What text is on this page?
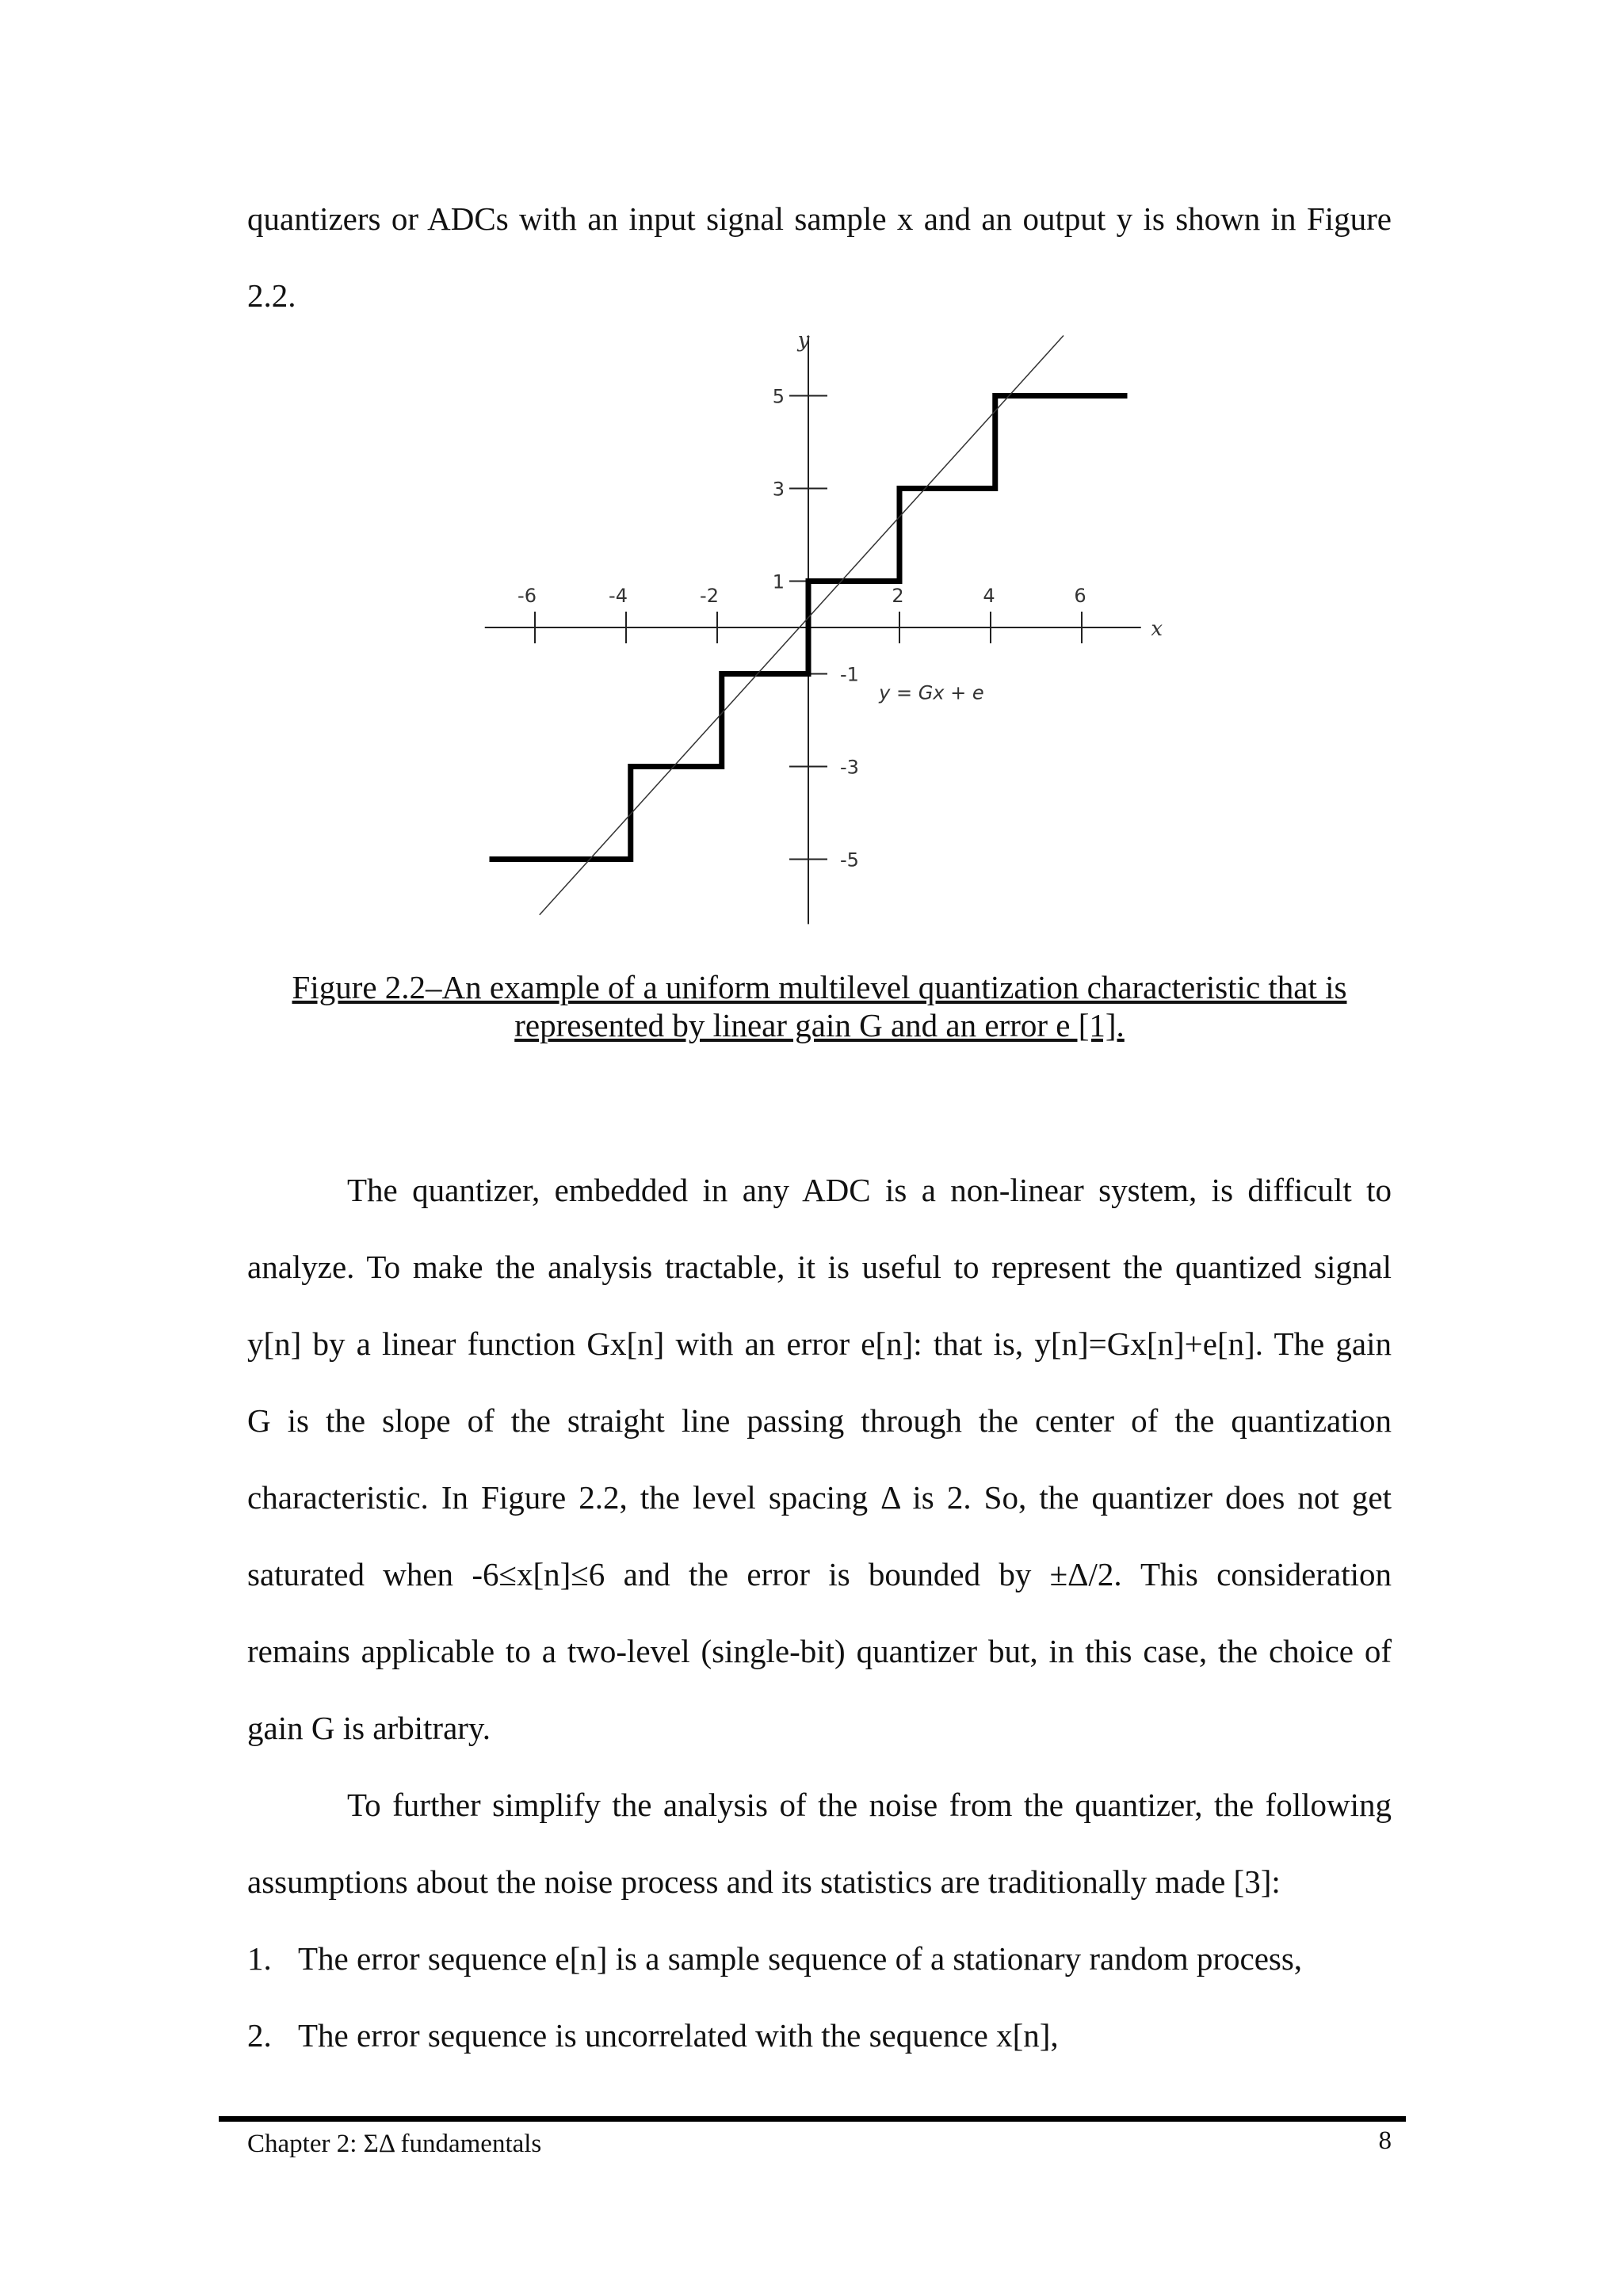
quantizers or ADCs with an input signal sample x and an output y is shown in Figure
2.2.
-6	-4	-2	2	4	6
5
3
1
-1
-3
-5
y
x
y = Gx + e
Figure 2.2–An example of a uniform multilevel quantization characteristic that is
represented by linear gain G and an error e [1].
The quantizer, embedded in any ADC is a non-linear system, is difficult to
analyze. To make the analysis tractable, it is useful to represent the quantized signal
y[n] by a linear function Gx[n] with an error e[n]: that is, y[n]=Gx[n]+e[n]. The gain
G is the slope of the straight line passing through the center of the quantization
characteristic. In Figure 2.2, the level spacing Δ is 2. So, the quantizer does not get
saturated when -6≤x[n]≤6 and the error is bounded by ±Δ/2. This consideration
remains applicable to a two-level (single-bit) quantizer but, in this case, the choice of
gain G is arbitrary.
To further simplify the analysis of the noise from the quantizer, the following
assumptions about the noise process and its statistics are traditionally made [3]:
1. The error sequence e[n] is a sample sequence of a stationary random process,
2. The error sequence is uncorrelated with the sequence x[n],
Chapter 2: ΣΔ fundamentals	8
